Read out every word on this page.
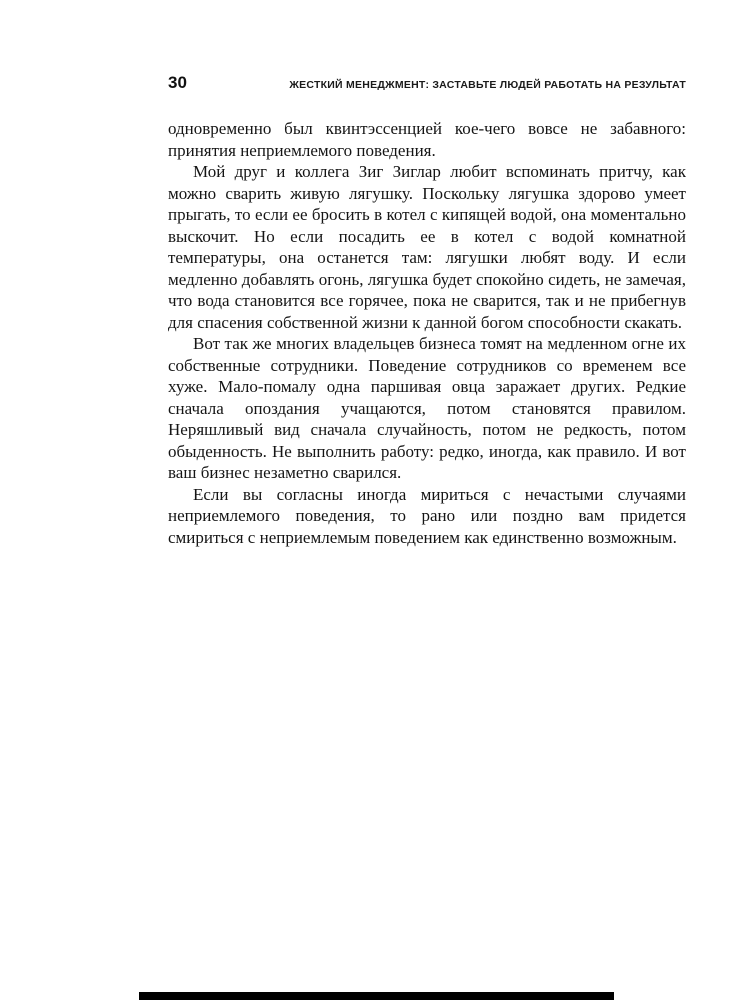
30	ЖЕСТКИЙ МЕНЕДЖМЕНТ: ЗАСТАВЬТЕ ЛЮДЕЙ РАБОТАТЬ НА РЕЗУЛЬТАТ

одновременно был квинтэссенцией кое-чего вовсе не забавного: принятия неприемлемого поведения.

Мой друг и коллега Зиг Зиглар любит вспоминать притчу, как можно сварить живую лягушку. Поскольку лягушка здорово умеет прыгать, то если ее бросить в котел с кипящей водой, она моментально выскочит. Но если посадить ее в котел с водой комнатной температуры, она останется там: лягушки любят воду. И если медленно добавлять огонь, лягушка будет спокойно сидеть, не замечая, что вода становится все горячее, пока не сварится, так и не прибегнув для спасения собственной жизни к данной богом способности скакать.

Вот так же многих владельцев бизнеса томят на медленном огне их собственные сотрудники. Поведение сотрудников со временем все хуже. Мало-помалу одна паршивая овца заражает других. Редкие сначала опоздания учащаются, потом становятся правилом. Неряшливый вид сначала случайность, потом не редкость, потом обыденность. Не выполнить работу: редко, иногда, как правило. И вот ваш бизнес незаметно сварился.

Если вы согласны иногда мириться с нечастыми случаями неприемлемого поведения, то рано или поздно вам придется смириться с неприемлемым поведением как единственно возможным.
